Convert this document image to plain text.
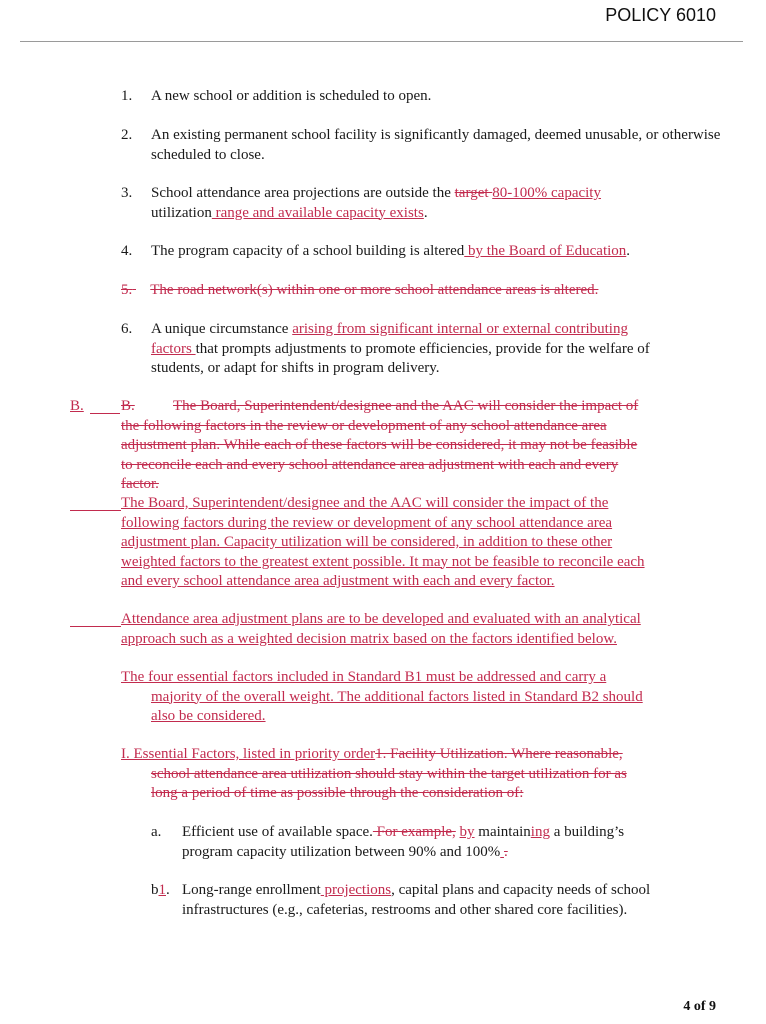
POLICY 6010
1. A new school or addition is scheduled to open.
2. An existing permanent school facility is significantly damaged, deemed unusable, or otherwise scheduled to close.
3. School attendance area projections are outside the target 80-100% capacity
utilization range and available capacity exists.
4. The program capacity of a school building is altered by the Board of Education.
5. The road network(s) within one or more school attendance areas is altered.
6. A unique circumstance arising from significant internal or external contributing
factors that prompts adjustments to promote efficiencies, provide for the welfare of
students, or adapt for shifts in program delivery.
B. B.	The Board, Superintendent/designee and the AAC will consider the impact of
the following factors in the review or development of any school attendance area
adjustment plan. While each of these factors will be considered, it may not be feasible
to reconcile each and every school attendance area adjustment with each and every
factor.
The Board, Superintendent/designee and the AAC will consider the impact of the
following factors during the review or development of any school attendance area
adjustment plan. Capacity utilization will be considered, in addition to these other
weighted factors to the greatest extent possible. It may not be feasible to reconcile each
and every school attendance area adjustment with each and every factor.
Attendance area adjustment plans are to be developed and evaluated with an analytical
approach such as a weighted decision matrix based on the factors identified below.
The four essential factors included in Standard B1 must be addressed and carry a
majority of the overall weight. The additional factors listed in Standard B2 should
also be considered.
I. Essential Factors, listed in priority order1. Facility Utilization. Where reasonable,
school attendance area utilization should stay within the target utilization for as
long a period of time as possible through the consideration of:
a. Efficient use of available space. For example, by maintaining a building’s
program capacity utilization between 90% and 100% .
b1. Long-range enrollment projections, capital plans and capacity needs of school
infrastructures (e.g., cafeterias, restrooms and other shared core facilities).
4 of 9
